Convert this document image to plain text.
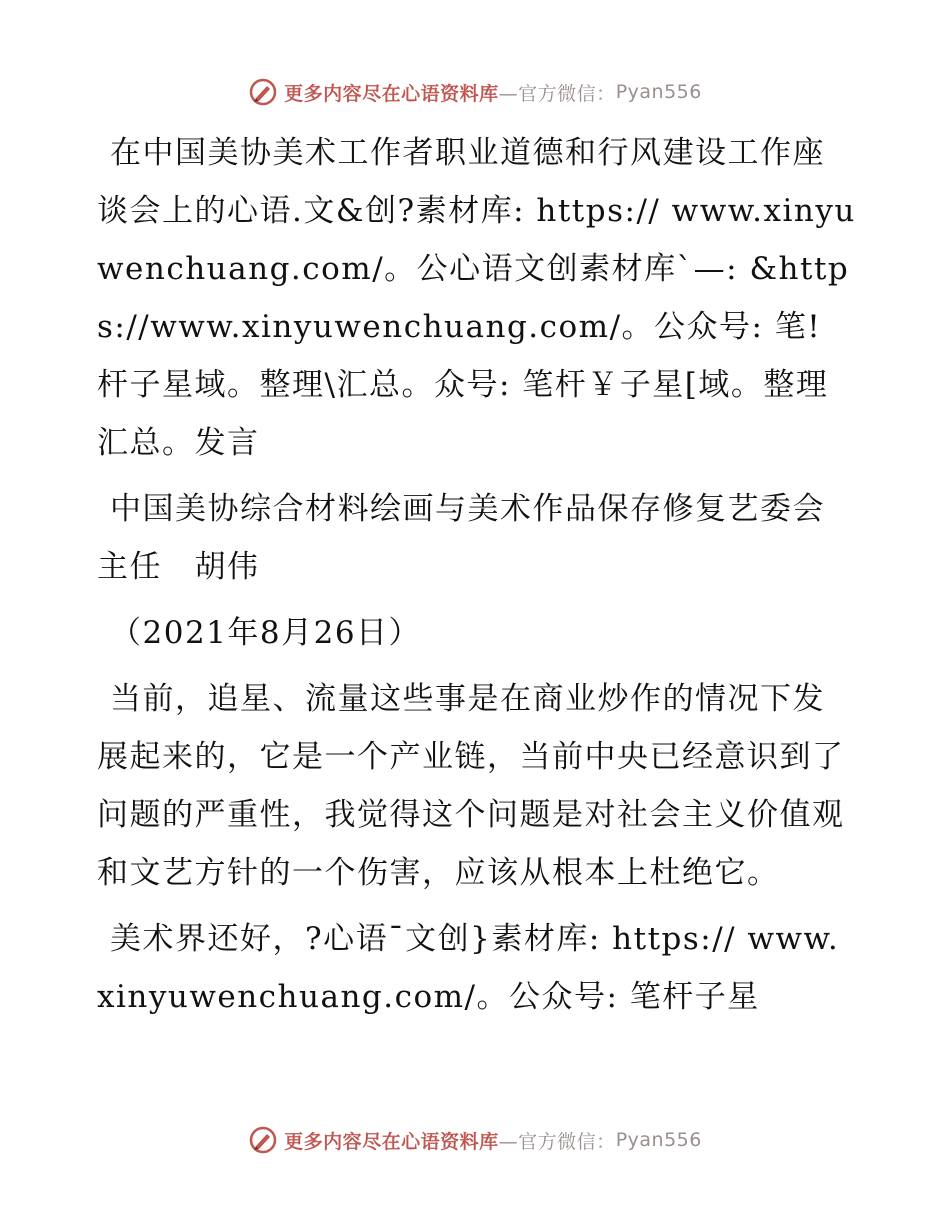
更多内容尽在心语资料库 —官方微信： Pyan556

在中国美协美术工作者职业道德和行风建设工作座谈会上的心语.文&创?素材库: https:// www.xinyuwenchuang.com/。公心语文创素材库`—: &https://www.xinyuwenchuang.com/。公众号: 笔! 杆子星域。整理\汇总。众号: 笔杆￥子星[域。整理汇总。发言

中国美协综合材料绘画与美术作品保存修复艺委会主任　胡伟

（2021年8月26日）

当前，追星、流量这些事是在商业炒作的情况下发展起来的，它是一个产业链，当前中央已经意识到了问题的严重性，我觉得这个问题是对社会主义价值观和文艺方针的一个伤害，应该从根本上杜绝它。

美术界还好，?心语¯文创}素材库: https:// www.xinyuwenchuang.com/。公众号: 笔杆子星

更多内容尽在心语资料库 —官方微信： Pyan556
